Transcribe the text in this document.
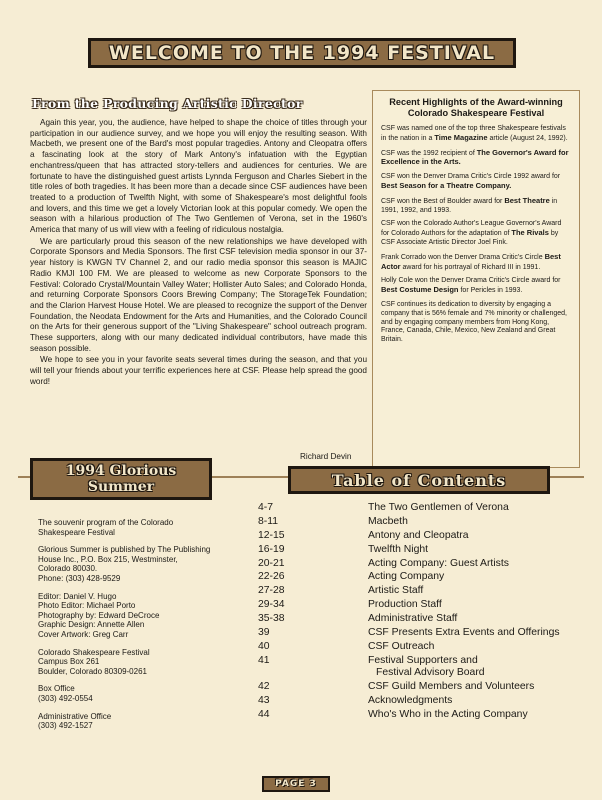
WELCOME TO THE 1994 FESTIVAL
From the Producing Artistic Director

Again this year, you, the audience, have helped to shape the choice of titles through your participation in our audience survey, and we hope you will enjoy the resulting season. With Macbeth, we present one of the Bard's most popular tragedies. Antony and Cleopatra offers a fascinating look at the story of Mark Antony's infatuation with the Egyptian enchantress/queen that has attracted story-tellers and audiences for centuries. We are fortunate to have the distinguished guest artists Lynnda Ferguson and Charles Siebert in the title roles of both tragedies. It has been more than a decade since CSF audiences have been treated to a production of Twelfth Night, with some of Shakespeare's most delightful fools and lovers, and this time we get a lovely Victorian look at this popular comedy. We open the season with a hilarious production of The Two Gentlemen of Verona, set in the 1960's America that many of us will view with a feeling of ridiculous nostalgia.

We are particularly proud this season of the new relationships we have developed with Corporate Sponsors and Media Sponsors. The first CSF television media sponsor in our 37-year history is KWGN TV Channel 2, and our radio media sponsor this season is MAJIC Radio KMJI 100 FM. We are pleased to welcome as new Corporate Sponsors to the Festival: Colorado Crystal/Mountain Valley Water; Hollister Auto Sales; and Colorado Honda, and returning Corporate Sponsors Coors Brewing Company; The StorageTek Foundation; and the Clarion Harvest House Hotel. We are pleased to recognize the support of the Denver Foundation, the Neodata Endowment for the Arts and Humanities, and the Colorado Council on the Arts for their generous support of the "Living Shakespeare" school outreach program. These supporters, along with our many dedicated individual contributors, have made this season possible.

We hope to see you in your favorite seats several times during the season, and that you will tell your friends about your terrific experiences here at CSF. Please help spread the good word!

Richard Devin
Recent Highlights of the Award-winning Colorado Shakespeare Festival
CSF was named one of the top three Shakespeare festivals in the nation in a Time Magazine article (August 24, 1992).
CSF was the 1992 recipient of The Governor's Award for Excellence in the Arts.
CSF won the Denver Drama Critic's Circle 1992 award for Best Season for a Theatre Company.
CSF won the Best of Boulder award for Best Theatre in 1991, 1992, and 1993.
CSF won the Colorado Author's League Governor's Award for Colorado Authors for the adaptation of The Rivals by CSF Associate Artistic Director Joel Fink.
Frank Corrado won the Denver Drama Critic's Circle Best Actor award for his portrayal of Richard III in 1991.
Holly Cole won the Denver Drama Critic's Circle award for Best Costume Design for Pericles in 1993.
CSF continues its dedication to diversity by engaging a company that is 56% female and 7% minority or challenged, and by engaging company members from Hong Kong, France, Canada, Chile, Mexico, New Zealand and Great Britain.
1994 Glorious
Summer
The souvenir program of the Colorado
Shakespeare Festival
Glorious Summer is published by The Publishing
House Inc., P.O. Box 215, Westminster,
Colorado 80030.
Phone: (303) 428-9529
Editor: Daniel V. Hugo
Photo Editor: Michael Porto
Photography by: Edward DeCroce
Graphic Design: Annette Allen
Cover Artwork: Greg Carr
Colorado Shakespeare Festival
Campus Box 261
Boulder, Colorado 80309-0261
Box Office
(303) 492-0554
Administrative Office
(303) 492-1527
Table of Contents
4-7	The Two Gentlemen of Verona
8-11	Macbeth
12-15	Antony and Cleopatra
16-19	Twelfth Night
20-21	Acting Company: Guest Artists
22-26	Acting Company
27-28	Artistic Staff
29-34	Production Staff
35-38	Administrative Staff
39	CSF Presents Extra Events and Offerings
40	CSF Outreach
41	Festival Supporters and
Festival Advisory Board
42	CSF Guild Members and Volunteers
43	Acknowledgments
44	Who's Who in the Acting Company
PAGE 3
